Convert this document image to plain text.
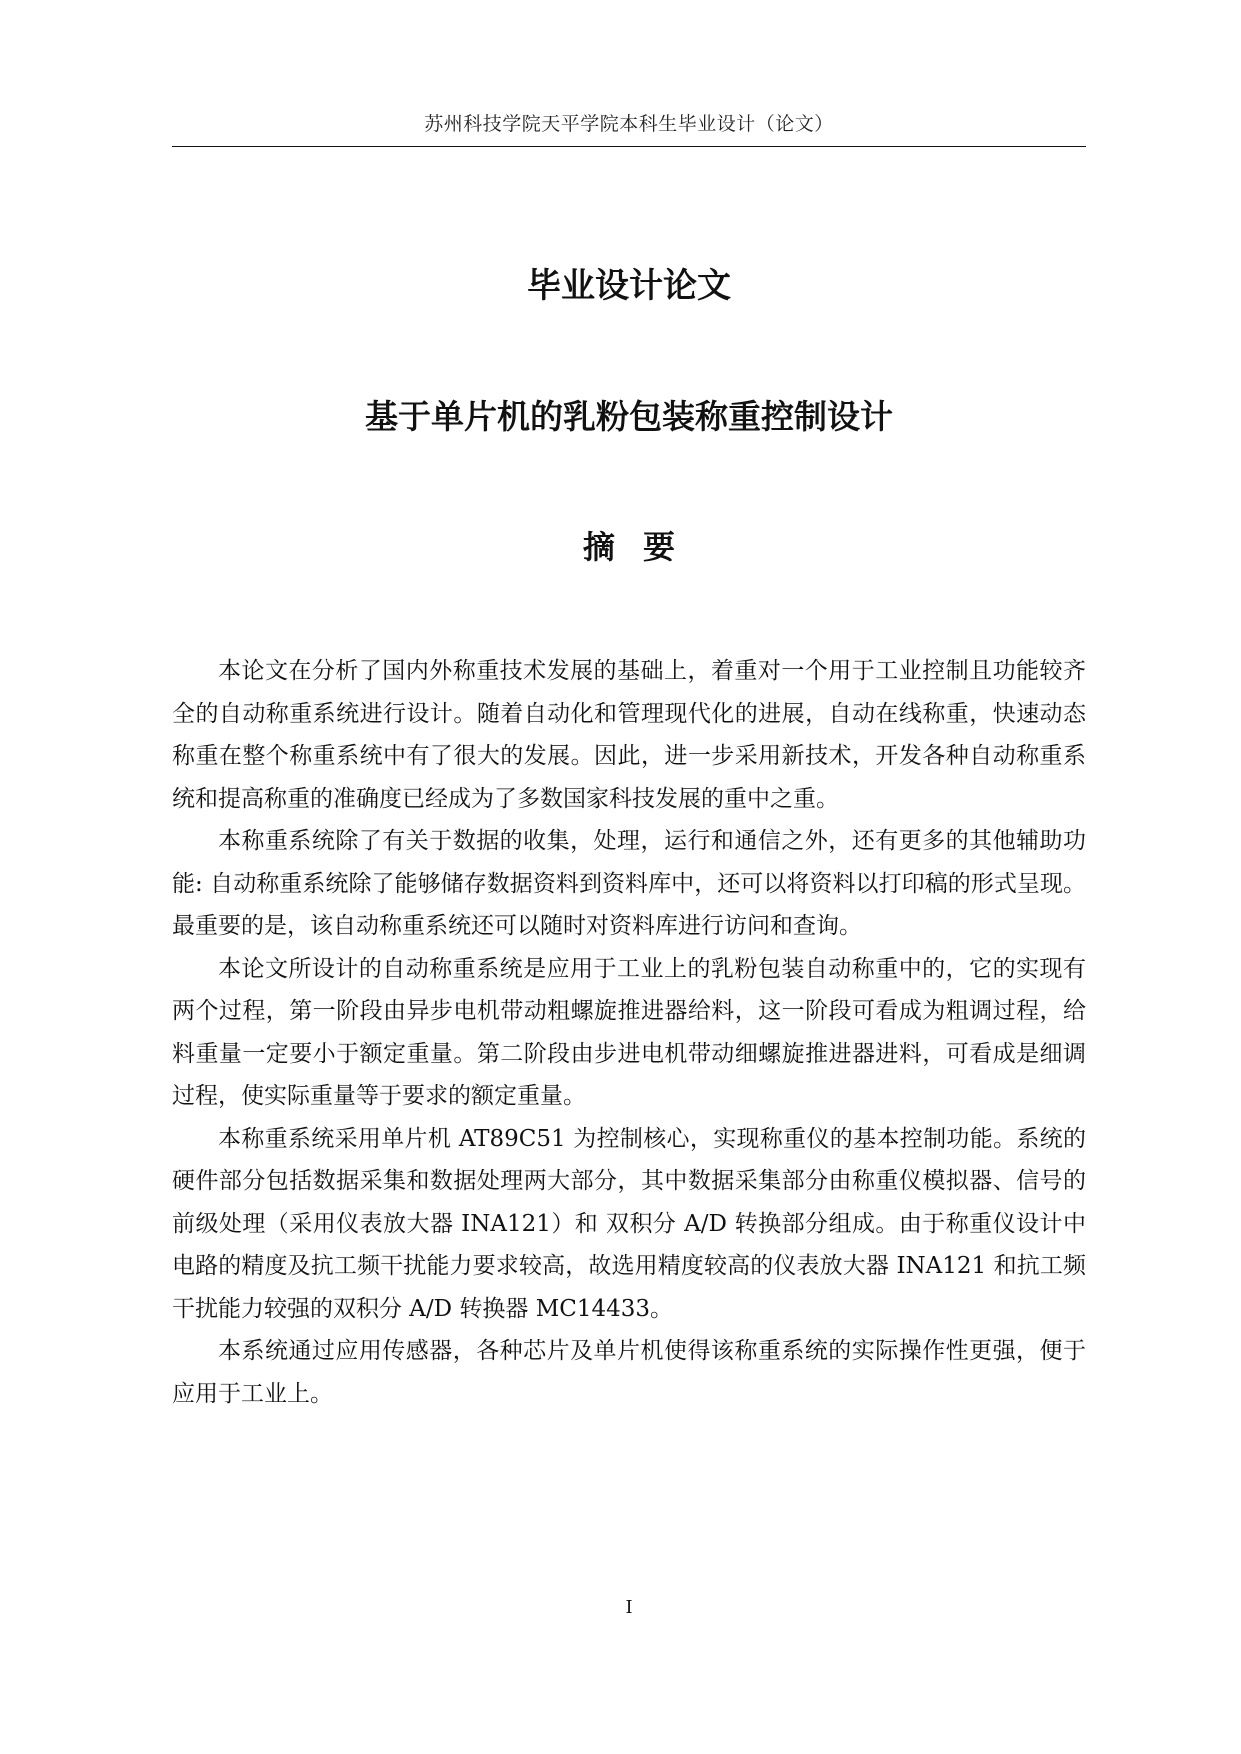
苏州科技学院天平学院本科生毕业设计（论文）
毕业设计论文
基于单片机的乳粉包装称重控制设计
摘要

本论文在分析了国内外称重技术发展的基础上，着重对一个用于工业控制且功能较齐全的自动称重系统进行设计。随着自动化和管理现代化的进展，自动在线称重，快速动态称重在整个称重系统中有了很大的发展。因此，进一步采用新技术，开发各种自动称重系统和提高称重的准确度已经成为了多数国家科技发展的重中之重。

本称重系统除了有关于数据的收集，处理，运行和通信之外，还有更多的其他辅助功能: 自动称重系统除了能够储存数据资料到资料库中，还可以将资料以打印稿的形式呈现。最重要的是，该自动称重系统还可以随时对资料库进行访问和查询。

本论文所设计的自动称重系统是应用于工业上的乳粉包装自动称重中的，它的实现有两个过程，第一阶段由异步电机带动粗螺旋推进器给料，这一阶段可看成为粗调过程，给料重量一定要小于额定重量。第二阶段由步进电机带动细螺旋推进器进料，可看成是细调过程，使实际重量等于要求的额定重量。

本称重系统采用单片机 AT89C51 为控制核心，实现称重仪的基本控制功能。系统的硬件部分包括数据采集和数据处理两大部分，其中数据采集部分由称重仪模拟器、信号的前级处理（采用仪表放大器 INA121）和 双积分 A/D 转换部分组成。由于称重仪设计中电路的精度及抗工频干扰能力要求较高，故选用精度较高的仪表放大器 INA121 和抗工频干扰能力较强的双积分 A/D 转换器 MC14433。

本系统通过应用传感器，各种芯片及单片机使得该称重系统的实际操作性更强，便于应用于工业上。

I
